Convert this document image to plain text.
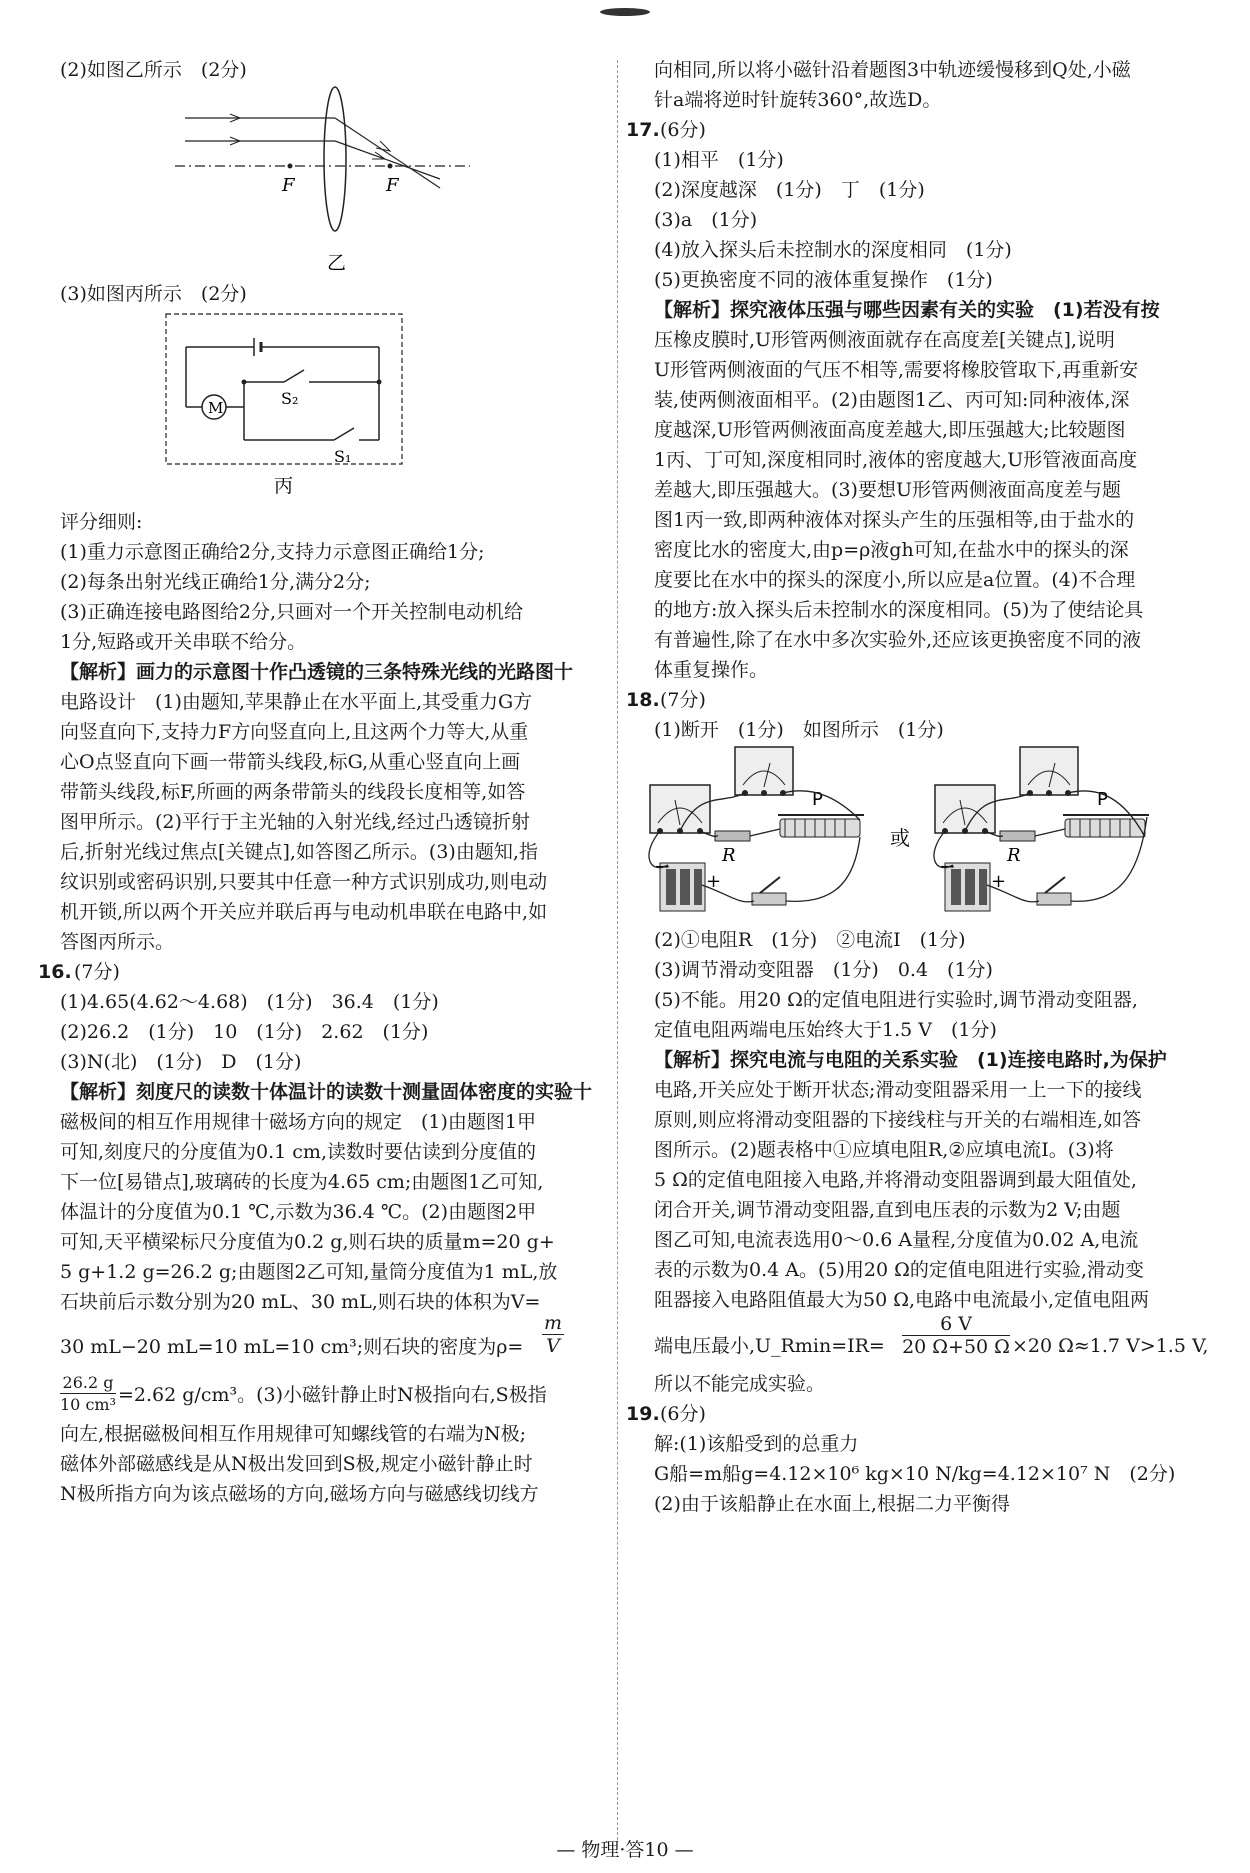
(2)如图乙所示　(2分)
F	F
乙
(3)如图丙所示　(2分)
M	S₂
S₁
丙
评分细则:
(1)重力示意图正确给2分,支持力示意图正确给1分;
(2)每条出射光线正确给1分,满分2分;
(3)正确连接电路图给2分,只画对一个开关控制电动机给
1分,短路或开关串联不给分。
【解析】画力的示意图十作凸透镜的三条特殊光线的光路图十
电路设计　(1)由题知,苹果静止在水平面上,其受重力G方
向竖直向下,支持力F方向竖直向上,且这两个力等大,从重
心O点竖直向下画一带箭头线段,标G,从重心竖直向上画
带箭头线段,标F,所画的两条带箭头的线段长度相等,如答
图甲所示。(2)平行于主光轴的入射光线,经过凸透镜折射
后,折射光线过焦点[关键点],如答图乙所示。(3)由题知,指
纹识别或密码识别,只要其中任意一种方式识别成功,则电动
机开锁,所以两个开关应并联后再与电动机串联在电路中,如
答图丙所示。
16. (7分)
(1)4.65(4.62～4.68)　(1分)　36.4　(1分)
(2)26.2　(1分)　10　(1分)　2.62　(1分)
(3)N(北)　(1分)　D　(1分)
【解析】刻度尺的读数十体温计的读数十测量固体密度的实验十
磁极间的相互作用规律十磁场方向的规定　(1)由题图1甲
可知,刻度尺的分度值为0.1 cm,读数时要估读到分度值的
下一位[易错点],玻璃砖的长度为4.65 cm;由题图1乙可知,
体温计的分度值为0.1 ℃,示数为36.4 ℃。(2)由题图2甲
可知,天平横梁标尺分度值为0.2 g,则石块的质量m=20 g+
5 g+1.2 g=26.2 g;由题图2乙可知,量筒分度值为1 mL,放
石块前后示数分别为20 mL、30 mL,则石块的体积为V=
30 mL−20 mL=10 mL=10 cm³;则石块的密度为$\rho= \frac{m}{V}$
$\frac{26.2 g}{\text{10 cm³}} =2.62$ g/cm³。(3)小磁针静止时N极指向右,S极指
向左,根据磁极间相互作用规律可知螺线管的右端为N极;
磁体外部磁感线是从N极出发回到S极,规定小磁针静止时
N极所指方向为该点磁场的方向,磁场方向与磁感线切线方
向相同,所以将小磁针沿着题图3中轨迹缓慢移到Q处,小磁
针a端将逆时针旋转360°,故选D。
17. (6分)
(1)相平　(1分)
(2)深度越深　(1分)　丁　(1分)
(3)a　(1分)
(4)放入探头后未控制水的深度相同　(1分)
(5)更换密度不同的液体重复操作　(1分)
【解析】探究液体压强与哪些因素有关的实验　(1)若没有按
压橡皮膜时,U形管两侧液面就存在高度差[关键点],说明
U形管两侧液面的气压不相等,需要将橡胶管取下,再重新安
装,使两侧液面相平。(2)由题图1乙、丙可知:同种液体,深
度越深,U形管两侧液面高度差越大,即压强越大;比较题图
1丙、丁可知,深度相同时,液体的密度越大,U形管液面高度
差越大,即压强越大。(3)要想U形管两侧液面高度差与题
图1丙一致,即两种液体对探头产生的压强相等,由于盐水的
密度比水的密度大,由p=ρ液gh可知,在盐水中的探头的深
度要比在水中的探头的深度小,所以应是a位置。(4)不合理
的地方:放入探头后未控制水的深度相同。(5)为了使结论具
有普遍性,除了在水中多次实验外,还应该更换密度不同的液
体重复操作。
18. (7分)
(1)断开　(1分)　如图所示　(1分)
−
+
R
P
或
−
+
R
P
(2)①电阻R　(1分)　②电流I　(1分)
(3)调节滑动变阻器　(1分)　0.4　(1分)
(5)不能。用20 Ω的定值电阻进行实验时,调节滑动变阻器,
定值电阻两端电压始终大于1.5 V　(1分)
【解析】探究电流与电阻的关系实验　(1)连接电路时,为保护
电路,开关应处于断开状态;滑动变阻器采用一上一下的接线
原则,则应将滑动变阻器的下接线柱与开关的右端相连,如答
图所示。(2)题表格中①应填电阻R,②应填电流I。(3)将
5 Ω的定值电阻接入电路,并将滑动变阻器调到最大阻值处,
闭合开关,调节滑动变阻器,直到电压表的示数为2 V;由题
图乙可知,电流表选用0～0.6 A量程,分度值为0.02 A,电流
表的示数为0.4 A。(5)用20 Ω的定值电阻进行实验,滑动变
阻器接入电路阻值最大为50 Ω,电路中电流最小,定值电阻两
端电压最小,U_Rmin=IR= $\frac{6 V}{20 \Omega+50 \Omega} \times 20$ Ω≈1.7 V>1.5 V,
所以不能完成实验。
19. (6分)
解:(1)该船受到的总重力
G船=m船g=4.12×10⁶ kg×10 N/kg=4.12×10⁷ N　(2分)
(2)由于该船静止在水面上,根据二力平衡得
— 物理·答10 —
